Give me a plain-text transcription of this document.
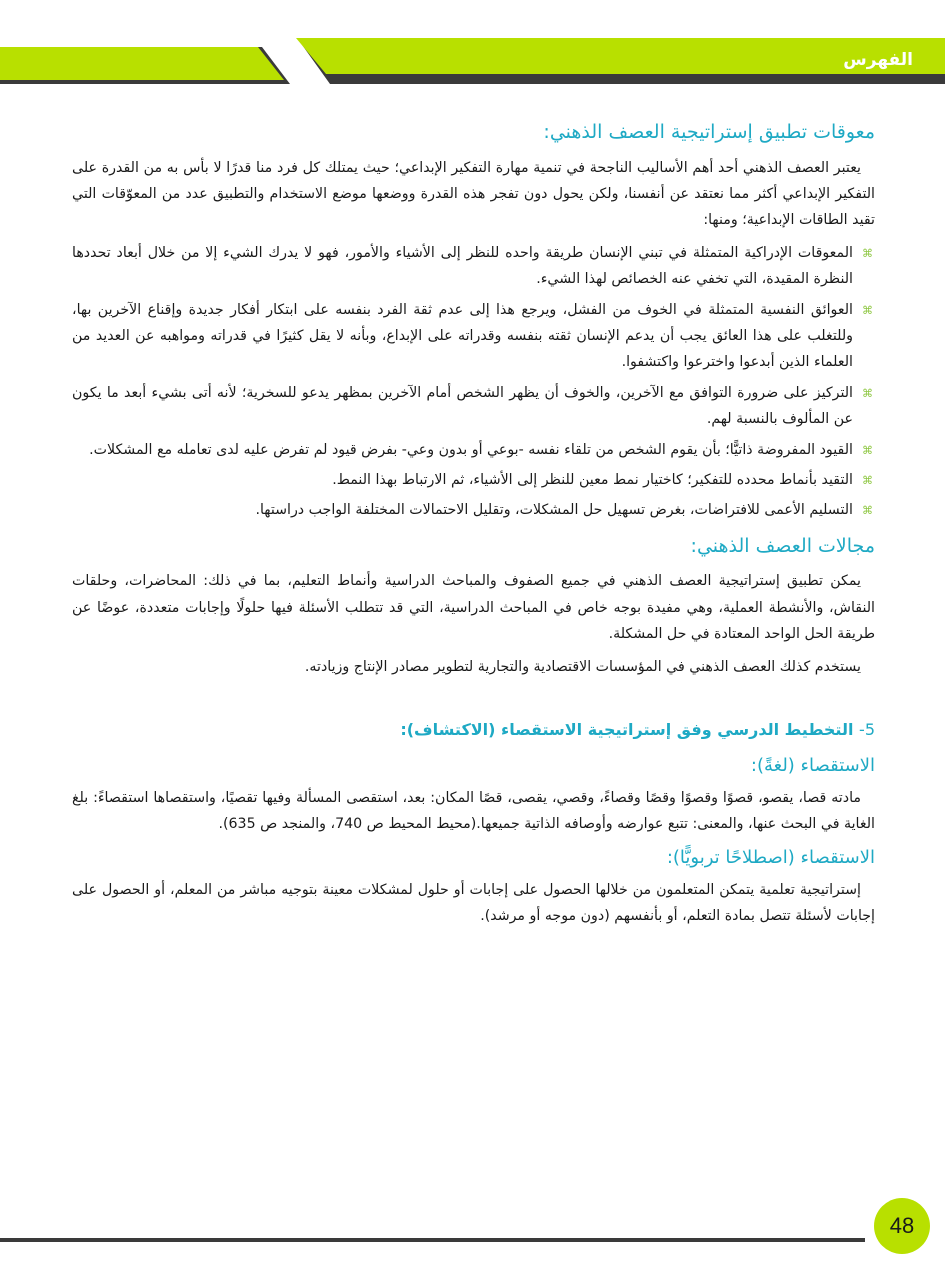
الفهرس
معوقات تطبيق إستراتيجية العصف الذهني:

يعتبر العصف الذهني أحد أهم الأساليب الناجحة في تنمية مهارة التفكير الإبداعي؛ حيث يمتلك كل فرد منا قدرًا لا بأس به من القدرة على التفكير الإبداعي أكثر مما نعتقد عن أنفسنا، ولكن يحول دون تفجر هذه القدرة ووضعها موضع الاستخدام والتطبيق عدد من المعوّقات التي تقيد الطاقات الإبداعية؛ ومنها:

⌘
المعوقات الإدراكية المتمثلة في تبني الإنسان طريقة واحده للنظر إلى الأشياء والأمور، فهو لا يدرك الشيء إلا من خلال أبعاد تحددها النظرة المقيدة، التي تخفي عنه الخصائص لهذا الشيء.
⌘
العوائق النفسية المتمثلة في الخوف من الفشل، ويرجع هذا إلى عدم ثقة الفرد بنفسه على ابتكار أفكار جديدة وإقناع الآخرين بها، وللتغلب على هذا العائق يجب أن يدعم الإنسان ثقته بنفسه وقدراته على الإبداع، وبأنه لا يقل كثيرًا في قدراته ومواهبه عن العديد من العلماء الذين أبدعوا واخترعوا واكتشفوا.
⌘
التركيز على ضرورة التوافق مع الآخرين، والخوف أن يظهر الشخص أمام الآخرين بمظهر يدعو للسخرية؛ لأنه أتى بشيء أبعد ما يكون عن المألوف بالنسبة لهم.
⌘
القيود المفروضة ذاتيًّا؛ بأن يقوم الشخص من تلقاء نفسه -بوعي أو بدون وعي- بفرض قيود لم تفرض عليه لدى تعامله مع المشكلات.
⌘
التقيد بأنماط محدده للتفكير؛ كاختيار نمط معين للنظر إلى الأشياء، ثم الارتباط بهذا النمط.
⌘
التسليم الأعمى للافتراضات، بغرض تسهيل حل المشكلات، وتقليل الاحتمالات المختلفة الواجب دراستها.
مجالات العصف الذهني:

يمكن تطبيق إستراتيجية العصف الذهني في جميع الصفوف والمباحث الدراسية وأنماط التعليم، بما في ذلك: المحاضرات، وحلقات النقاش، والأنشطة العملية، وهي مفيدة بوجه خاص في المباحث الدراسية، التي قد تتطلب الأسئلة فيها حلولًا وإجابات متعددة، عوضًا عن طريقة الحل الواحد المعتادة في حل المشكلة.

يستخدم كذلك العصف الذهني في المؤسسات الاقتصادية والتجارية لتطوير مصادر الإنتاج وزيادته.

5- التخطيط الدرسي وفق إستراتيجية الاستقصاء (الاكتشاف):
الاستقصاء (لغةً):

مادته قصا، يقصو، قصوًا وقصوًا وقصًا وقصاءً، وقصي، يقصى، قصًا المكان: بعد، استقصى المسألة وفيها تقصيًا، واستقصاها استقصاءً: بلغ الغاية في البحث عنها، والمعنى: تتبع عوارضه وأوصافه الذاتية جميعها.(محيط المحيط ص 740، والمنجد ص 635).

الاستقصاء (اصطلاحًا تربويًّا):

إستراتيجية تعلمية يتمكن المتعلمون من خلالها الحصول على إجابات أو حلول لمشكلات معينة بتوجيه مباشر من المعلم، أو الحصول على إجابات لأسئلة تتصل بمادة التعلم، أو بأنفسهم (دون موجه أو مرشد).

48
